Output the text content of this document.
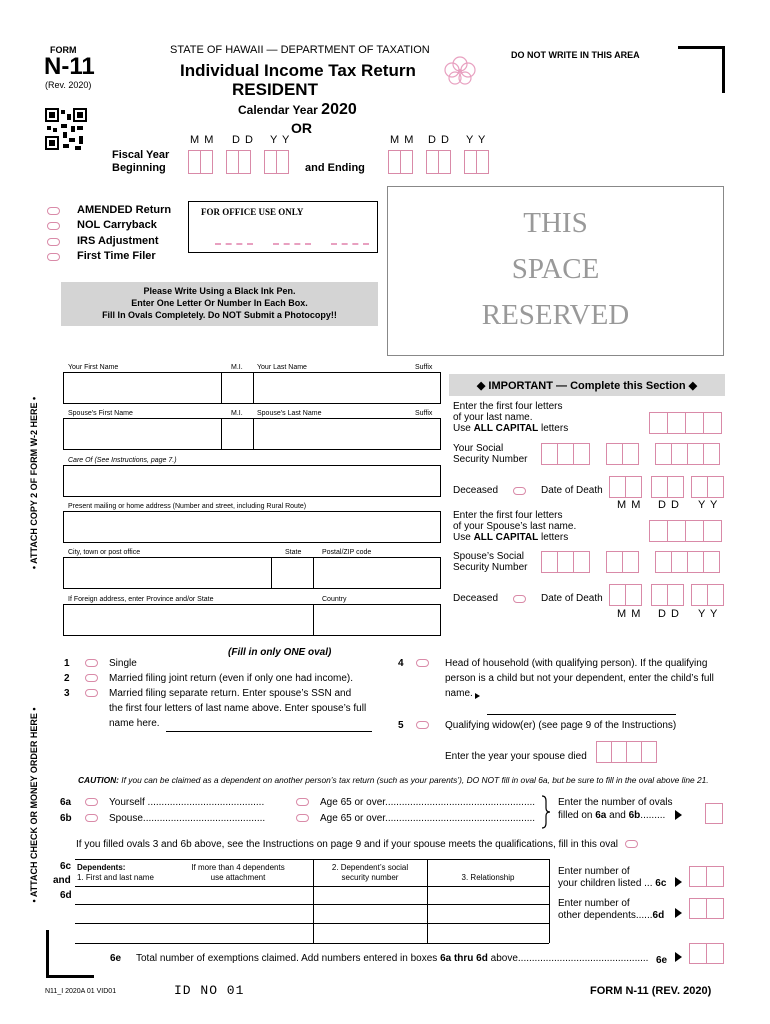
FORM
N-11
(Rev. 2020)
STATE OF HAWAII — DEPARTMENT OF TAXATION
Individual Income Tax Return
RESIDENT
Calendar Year 2020
OR
DO NOT WRITE IN THIS AREA
M M D D Y Y	M M D D Y Y
Fiscal Year
Beginning	and Ending
AMENDED Return
NOL Carryback
IRS Adjustment
First Time Filer
FOR OFFICE USE ONLY	THIS
SPACE
RESERVED
Please Write Using a Black Ink Pen.
Enter One Letter Or Number In Each Box.
Fill In Ovals Completely. Do NOT Submit a Photocopy!!
• ATTACH COPY 2 OF FORM W-2 HERE •
• ATTACH CHECK OR MONEY ORDER HERE •
Your First Name	M.I. Your Last Name	Suffix
Spouse’s First Name	M.I. Spouse’s Last Name	Suffix
Care Of (See Instructions, page 7.)
Present mailing or home address (Number and street, including Rural Route)
City, town or post office	State	Postal/ZIP code
If Foreign address, enter Province and/or State	Country
◆ IMPORTANT — Complete this Section ◆
Enter the first four letters
of your last name.
Use ALL CAPITAL letters
Your Social
Security Number
Deceased	Date of Death
M M D D Y Y
Enter the first four letters
of your Spouse’s last name.
Use ALL CAPITAL letters
Spouse’s Social
Security Number
Deceased	Date of Death
M M D D Y Y
(Fill in only ONE oval)
1	Single
2	Married filing joint return (even if only one had income).
3	Married filing separate return. Enter spouse’s SSN and
the first four letters of last name above. Enter spouse’s full
name here.
4	Head of household (with qualifying person). If the qualifying
person is a child but not your dependent, enter the child’s full
name.
5	Qualifying widow(er) (see page 9 of the Instructions)
Enter the year your spouse died
CAUTION: If you can be claimed as a dependent on another person’s tax return (such as your parents’), DO NOT fill in oval 6a, but be sure to fill in the oval above line 21.
6a	Yourself ..........................................	Age 65 or over......................................................
6b	Spouse............................................	Age 65 or over......................................................
Enter the number of ovals
filled on 6a and 6b.........
If you filled ovals 3 and 6b above, see the Instructions on page 9 and if your spouse meets the qualifications, fill in this oval
6c
and
6d
Dependents:
1. First and last name
If more than 4 dependents
use attachment
2. Dependent’s social
security number	3. Relationship
Enter number of
your children listed ... 6c
Enter number of
other dependents......6d
6e Total number of exemptions claimed. Add numbers entered in boxes 6a thru 6d above............................................... 6e
N11_I 2020A 01 VID01	ID NO 01	FORM N-11 (REV. 2020)
